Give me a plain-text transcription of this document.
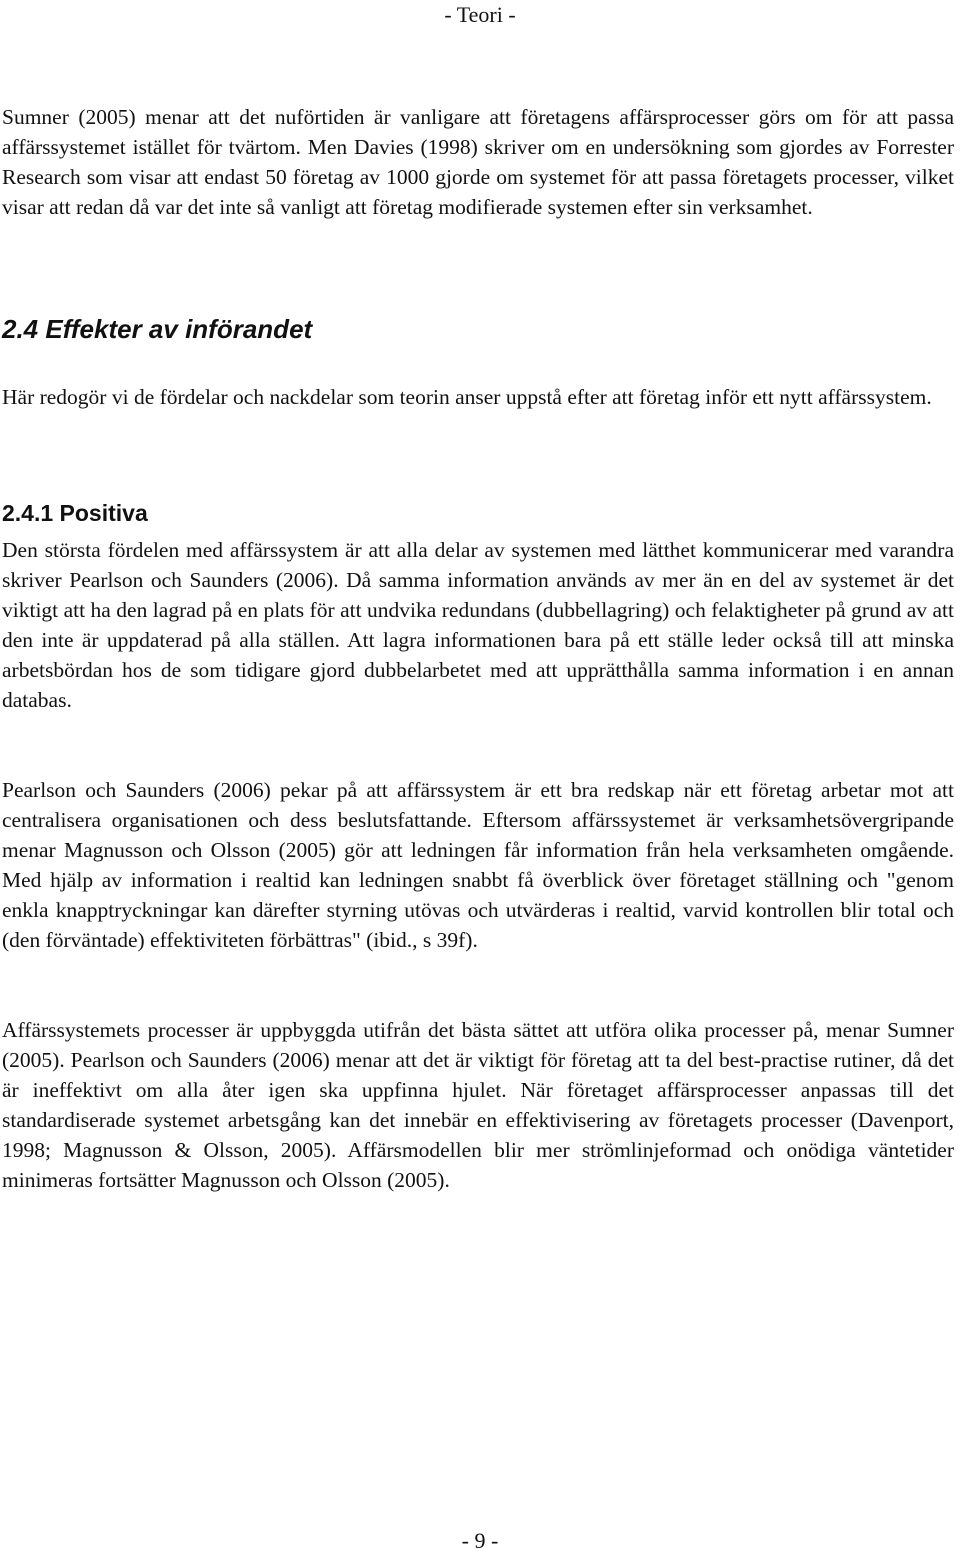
- Teori -

Sumner (2005) menar att det nuförtiden är vanligare att företagens affärsprocesser görs om för att passa affärssystemet istället för tvärtom. Men Davies (1998) skriver om en undersökning som gjordes av Forrester Research som visar att endast 50 företag av 1000 gjorde om systemet för att passa företagets processer, vilket visar att redan då var det inte så vanligt att företag modifierade systemen efter sin verksamhet.

2.4 Effekter av införandet

Här redogör vi de fördelar och nackdelar som teorin anser uppstå efter att företag inför ett nytt affärssystem.

2.4.1 Positiva

Den största fördelen med affärssystem är att alla delar av systemen med lätthet kommunicerar med varandra skriver Pearlson och Saunders (2006). Då samma information används av mer än en del av systemet är det viktigt att ha den lagrad på en plats för att undvika redundans (dubbellagring) och felaktigheter på grund av att den inte är uppdaterad på alla ställen. Att lagra informationen bara på ett ställe leder också till att minska arbetsbördan hos de som tidigare gjord dubbelarbetet med att upprätthålla samma information i en annan databas.

Pearlson och Saunders (2006) pekar på att affärssystem är ett bra redskap när ett företag arbetar mot att centralisera organisationen och dess beslutsfattande. Eftersom affärssystemet är verksamhetsövergripande menar Magnusson och Olsson (2005) gör att ledningen får information från hela verksamheten omgående. Med hjälp av information i realtid kan ledningen snabbt få överblick över företaget ställning och "genom enkla knapptryckningar kan därefter styrning utövas och utvärderas i realtid, varvid kontrollen blir total och (den förväntade) effektiviteten förbättras" (ibid., s 39f).

Affärssystemets processer är uppbyggda utifrån det bästa sättet att utföra olika processer på, menar Sumner (2005). Pearlson och Saunders (2006) menar att det är viktigt för företag att ta del best-practise rutiner, då det är ineffektivt om alla åter igen ska uppfinna hjulet. När företaget affärsprocesser anpassas till det standardiserade systemet arbetsgång kan det innebär en effektivisering av företagets processer (Davenport, 1998; Magnusson & Olsson, 2005). Affärsmodellen blir mer strömlinjeformad och onödiga väntetider minimeras fortsätter Magnusson och Olsson (2005).

- 9 -
